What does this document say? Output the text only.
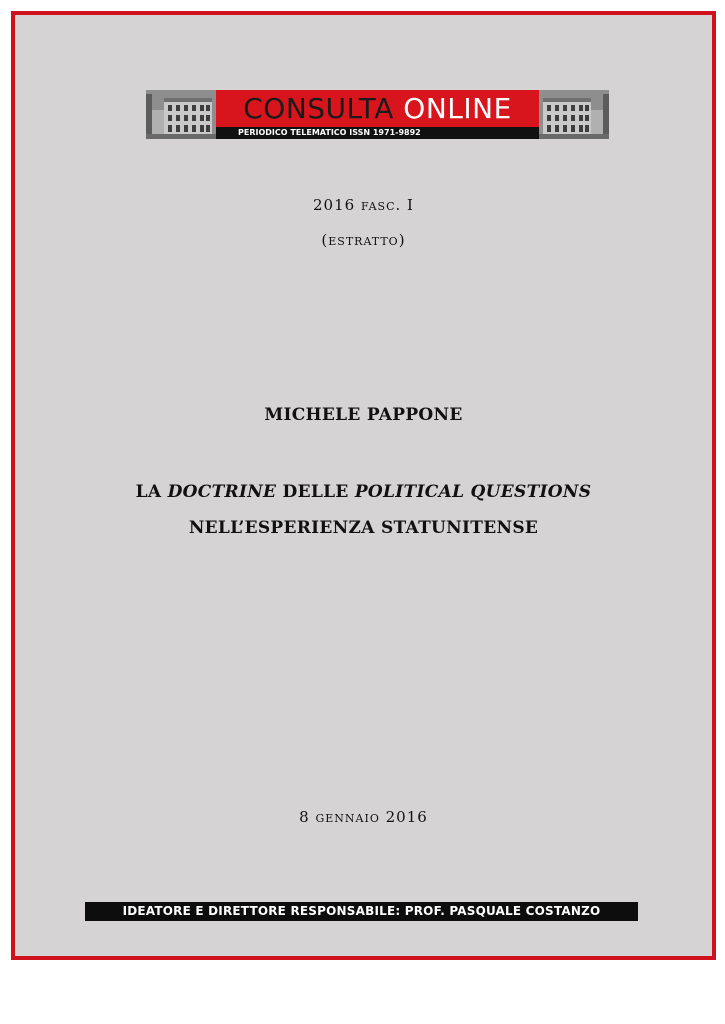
CONSULTA ONLINE
PERIODICO TELEMATICO ISSN 1971-9892
2016 fasc. I
(estratto)
MICHELE PAPPONE
LA DOCTRINE DELLE POLITICAL QUESTIONS
NELL’ESPERIENZA STATUNITENSE
8 gennaio 2016
IDEATORE E DIRETTORE RESPONSABILE: PROF. PASQUALE COSTANZO
